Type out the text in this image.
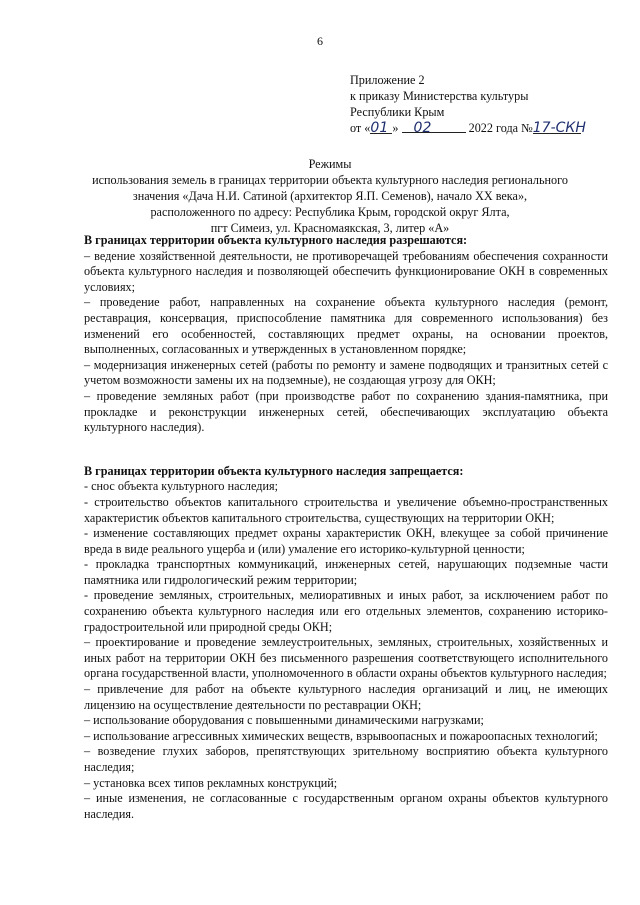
6
Приложение 2
к приказу Министерства культуры
Республики Крым
от «01 » 02	2022 года №17-СКН
Режимы
использования земель в границах территории объекта культурного наследия регионального
значения «Дача Н.И. Сатиной (архитектор Я.П. Семенов), начало XX века»,
расположенного по адресу: Республика Крым, городской округ Ялта,
пгт Симеиз, ул. Красномаякская, 3, литер «А»

В границах территории объекта культурного наследия разрешаются:

– ведение хозяйственной деятельности, не противоречащей требованиям обеспечения сохранности объекта культурного наследия и позволяющей обеспечить функционирование ОКН в современных условиях;

– проведение работ, направленных на сохранение объекта культурного наследия (ремонт, реставрация, консервация, приспособление памятника для современного использования) без изменений его особенностей, составляющих предмет охраны, на основании проектов, выполненных, согласованных и утвержденных в установленном порядке;

– модернизация инженерных сетей (работы по ремонту и замене подводящих и транзитных сетей с учетом возможности замены их на подземные), не создающая угрозу для ОКН;

– проведение земляных работ (при производстве работ по сохранению здания-памятника, при прокладке и реконструкции инженерных сетей, обеспечивающих эксплуатацию объекта культурного наследия).

В границах территории объекта культурного наследия запрещается:

- снос объекта культурного наследия;

- строительство объектов капитального строительства и увеличение объемно-пространственных характеристик объектов капитального строительства, существующих на территории ОКН;

- изменение составляющих предмет охраны характеристик ОКН, влекущее за собой причинение вреда в виде реального ущерба и (или) умаление его историко-культурной ценности;

- прокладка транспортных коммуникаций, инженерных сетей, нарушающих подземные части памятника или гидрологический режим территории;

- проведение земляных, строительных, мелиоративных и иных работ, за исключением работ по сохранению объекта культурного наследия или его отдельных элементов, сохранению историко-градостроительной или природной среды ОКН;

– проектирование и проведение землеустроительных, земляных, строительных, хозяйственных и иных работ на территории ОКН без письменного разрешения соответствующего исполнительного органа государственной власти, уполномоченного в области охраны объектов культурного наследия;

– привлечение для работ на объекте культурного наследия организаций и лиц, не имеющих лицензию на осуществление деятельности по реставрации ОКН;

– использование оборудования с повышенными динамическими нагрузками;

– использование агрессивных химических веществ, взрывоопасных и пожароопасных технологий;

– возведение глухих заборов, препятствующих зрительному восприятию объекта культурного наследия;

– установка всех типов рекламных конструкций;

– иные изменения, не согласованные с государственным органом охраны объектов культурного наследия.
